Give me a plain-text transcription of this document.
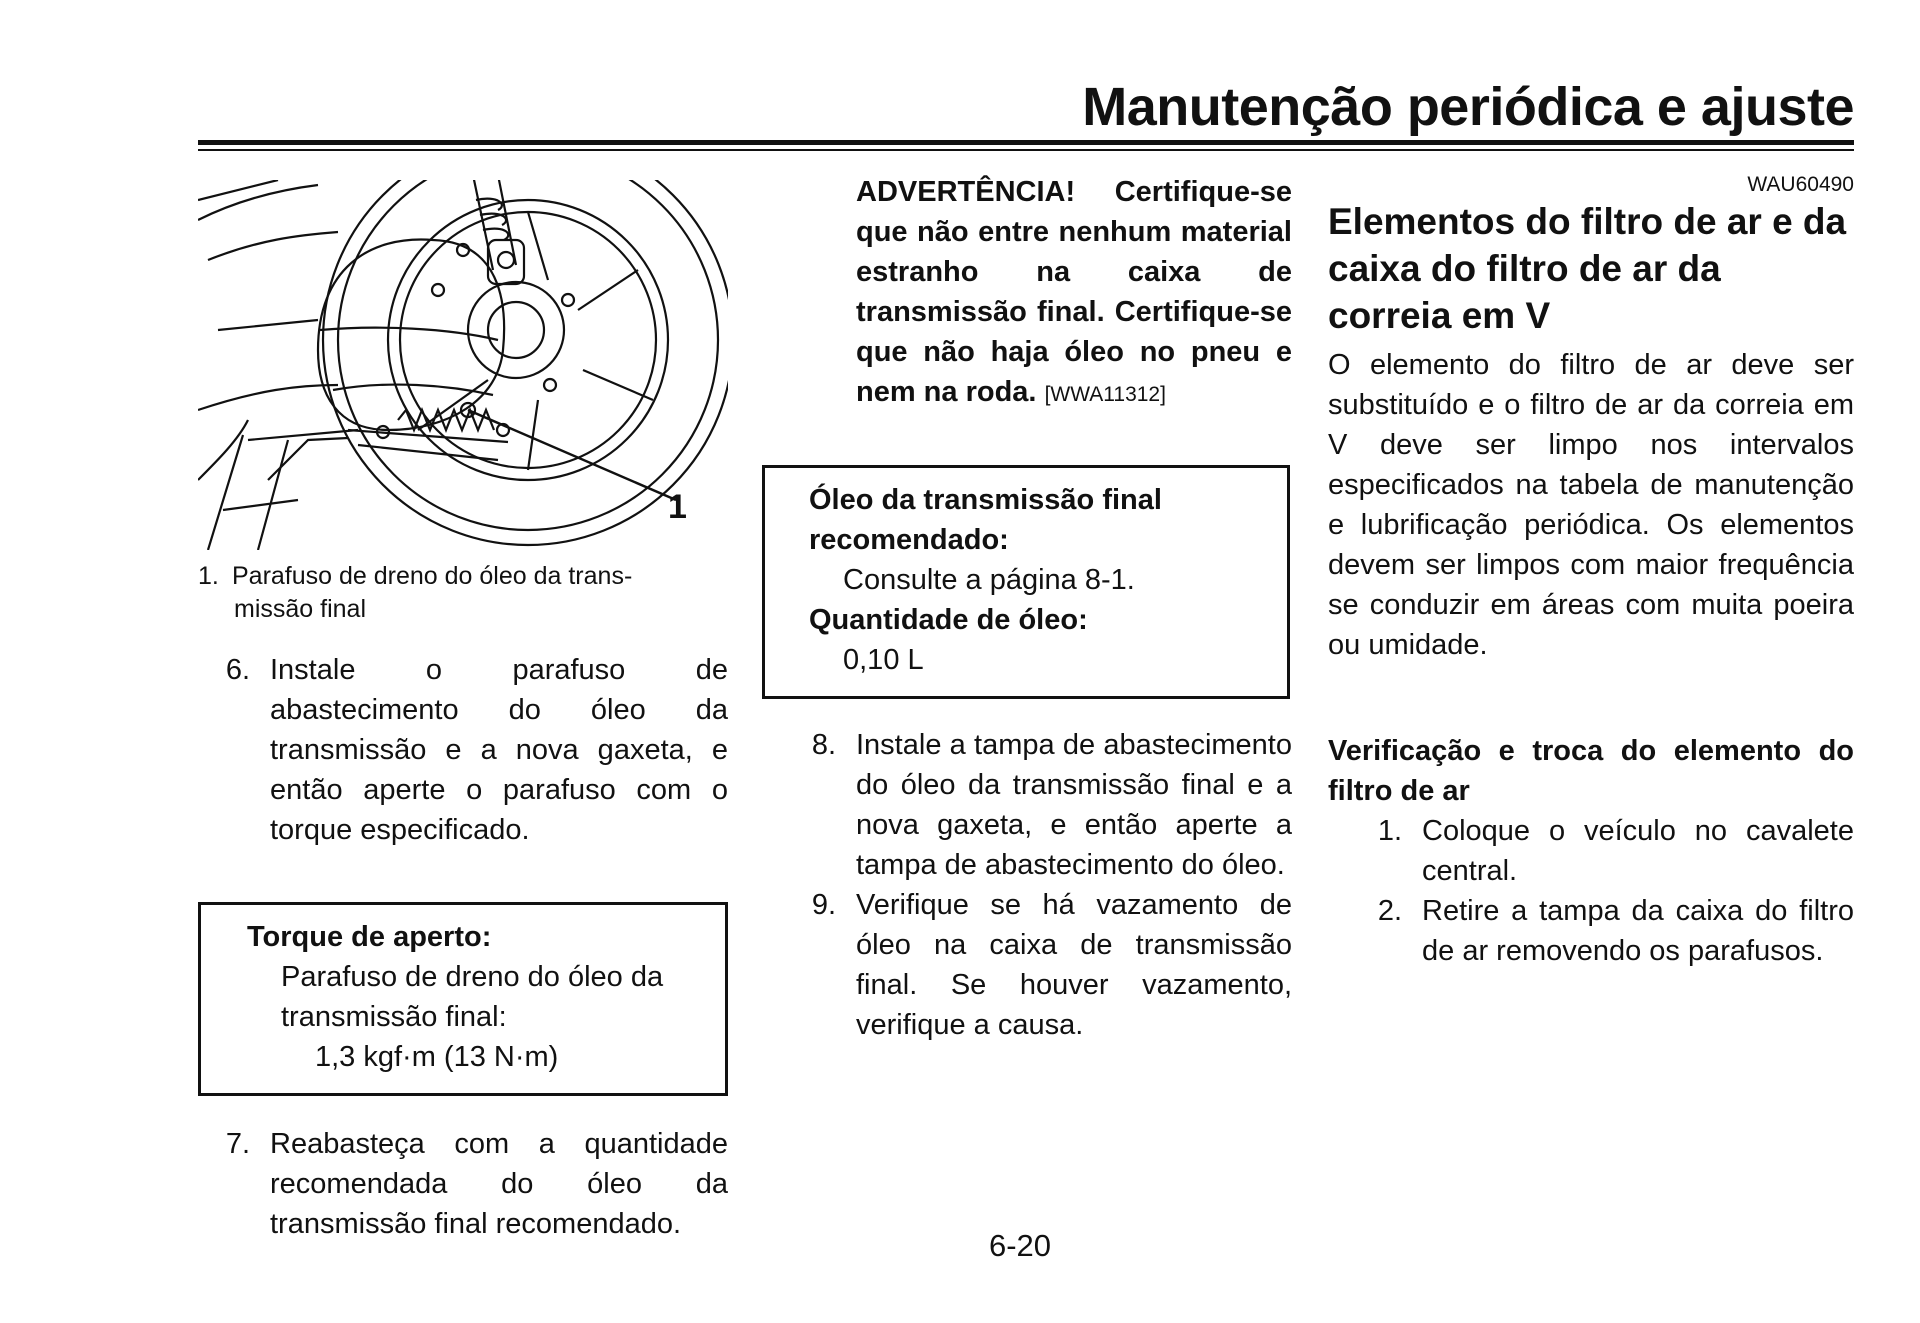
Manutenção periódica e ajuste
1
1. Parafuso de dreno do óleo da trans-
missão final
6. Instale o parafuso de abastecimento do óleo da transmissão e a nova gaxeta, e então aperte o parafuso com o torque especificado.
Torque de aperto:
Parafuso de dreno do óleo da
transmissão final:
1,3 kgf·m (13 N·m)
7. Reabasteça com a quantidade recomendada do óleo da transmissão final recomendado.
ADVERTÊNCIA! Certifique-se que não entre nenhum material estranho na caixa de transmissão final. Certifique-se que não haja óleo no pneu e nem na roda. [WWA11312]
Óleo da transmissão final recomendado:
Consulte a página 8-1.
Quantidade de óleo:
0,10 L
8. Instale a tampa de abastecimento do óleo da transmissão final e a nova gaxeta, e então aperte a tampa de abastecimento do óleo.
9. Verifique se há vazamento de óleo na caixa de transmissão final. Se houver vazamento, verifique a causa.
WAU60490
Elementos do filtro de ar e da caixa do filtro de ar da correia em V
O elemento do filtro de ar deve ser substituído e o filtro de ar da correia em V deve ser limpo nos intervalos especificados na tabela de manutenção e lubrificação periódica. Os elementos devem ser limpos com maior frequência se conduzir em áreas com muita poeira ou umidade.
Verificação e troca do elemento do filtro de ar
1. Coloque o veículo no cavalete central.
2. Retire a tampa da caixa do filtro de ar removendo os parafusos.
6-20
